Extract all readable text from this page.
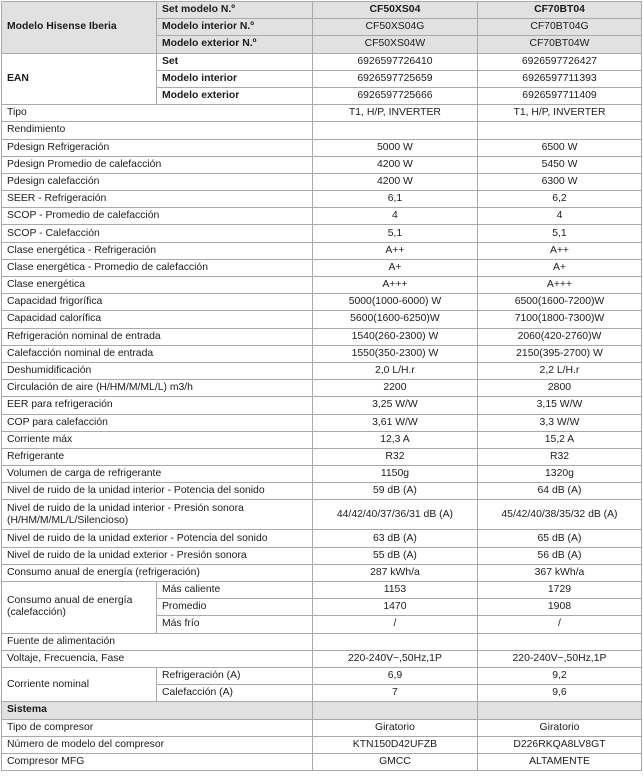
Modelo Hisense Iberia	Set modelo N.º	CF50XS04	CF70BT04
	Modelo interior N.º	CF50XS04G	CF70BT04G
	Modelo exterior N.º	CF50XS04W	CF70BT04W
EAN	Set	6926597726410	6926597726427
	Modelo interior	6926597725659	6926597711393
	Modelo exterior	6926597725666	6926597711409
Tipo		T1, H/P, INVERTER	T1, H/P, INVERTER
Rendimiento			
Pdesign Refrigeración		5000 W	6500 W
Pdesign Promedio de calefacción		4200 W	5450 W
Pdesign calefacción		4200 W	6300 W
SEER - Refrigeración		6,1	6,2
SCOP - Promedio de calefacción		4	4
SCOP - Calefacción		5,1	5,1
Clase energética - Refrigeración		A++	A++
Clase energética - Promedio de calefacción		A+	A+
Clase energética		A+++	A+++
Capacidad frigorífica		5000(1000-6000) W	6500(1600-7200)W
Capacidad calorífica		5600(1600-6250)W	7100(1800-7300)W
Refrigeración nominal de entrada		1540(260-2300) W	2060(420-2760)W
Calefacción nominal de entrada		1550(350-2300) W	2150(395-2700) W
Deshumidificación		2,0 L/H.r	2,2 L/H.r
Circulación de aire (H/HM/M/ML/L) m3/h		2200	2800
EER para refrigeración		3,25 W/W	3,15 W/W
COP para calefacción		3,61 W/W	3,3 W/W
Corriente máx		12,3 A	15,2 A
Refrigerante		R32	R32
Volumen de carga de refrigerante		1150g	1320g
Nivel de ruido de la unidad interior - Potencia del sonido		59 dB (A)	64 dB (A)
Nivel de ruido de la unidad interior - Presión sonora (H/HM/M/ML/L/Silencioso)		44/42/40/37/36/31 dB (A)	45/42/40/38/35/32 dB (A)
Nivel de ruido de la unidad exterior - Potencia del sonido		63 dB (A)	65 dB (A)
Nivel de ruido de la unidad exterior - Presión sonora		55 dB (A)	56 dB (A)
Consumo anual de energía (refrigeración)		287 kWh/a	367 kWh/a
Consumo anual de energía (calefacción)	Más caliente	1153	1729
	Promedio	1470	1908
	Más frío	/	/
Fuente de alimentación			
Voltaje, Frecuencia, Fase		220-240V~,50Hz,1P	220-240V~,50Hz,1P
Corriente nominal	Refrigeración (A)	6,9	9,2
	Calefacción (A)	7	9,6
Sistema			
Tipo de compresor		Giratorio	Giratorio
Número de modelo del compresor		KTN150D42UFZB	D226RKQA8LV8GT
Compresor MFG		GMCC	ALTAMENTE
